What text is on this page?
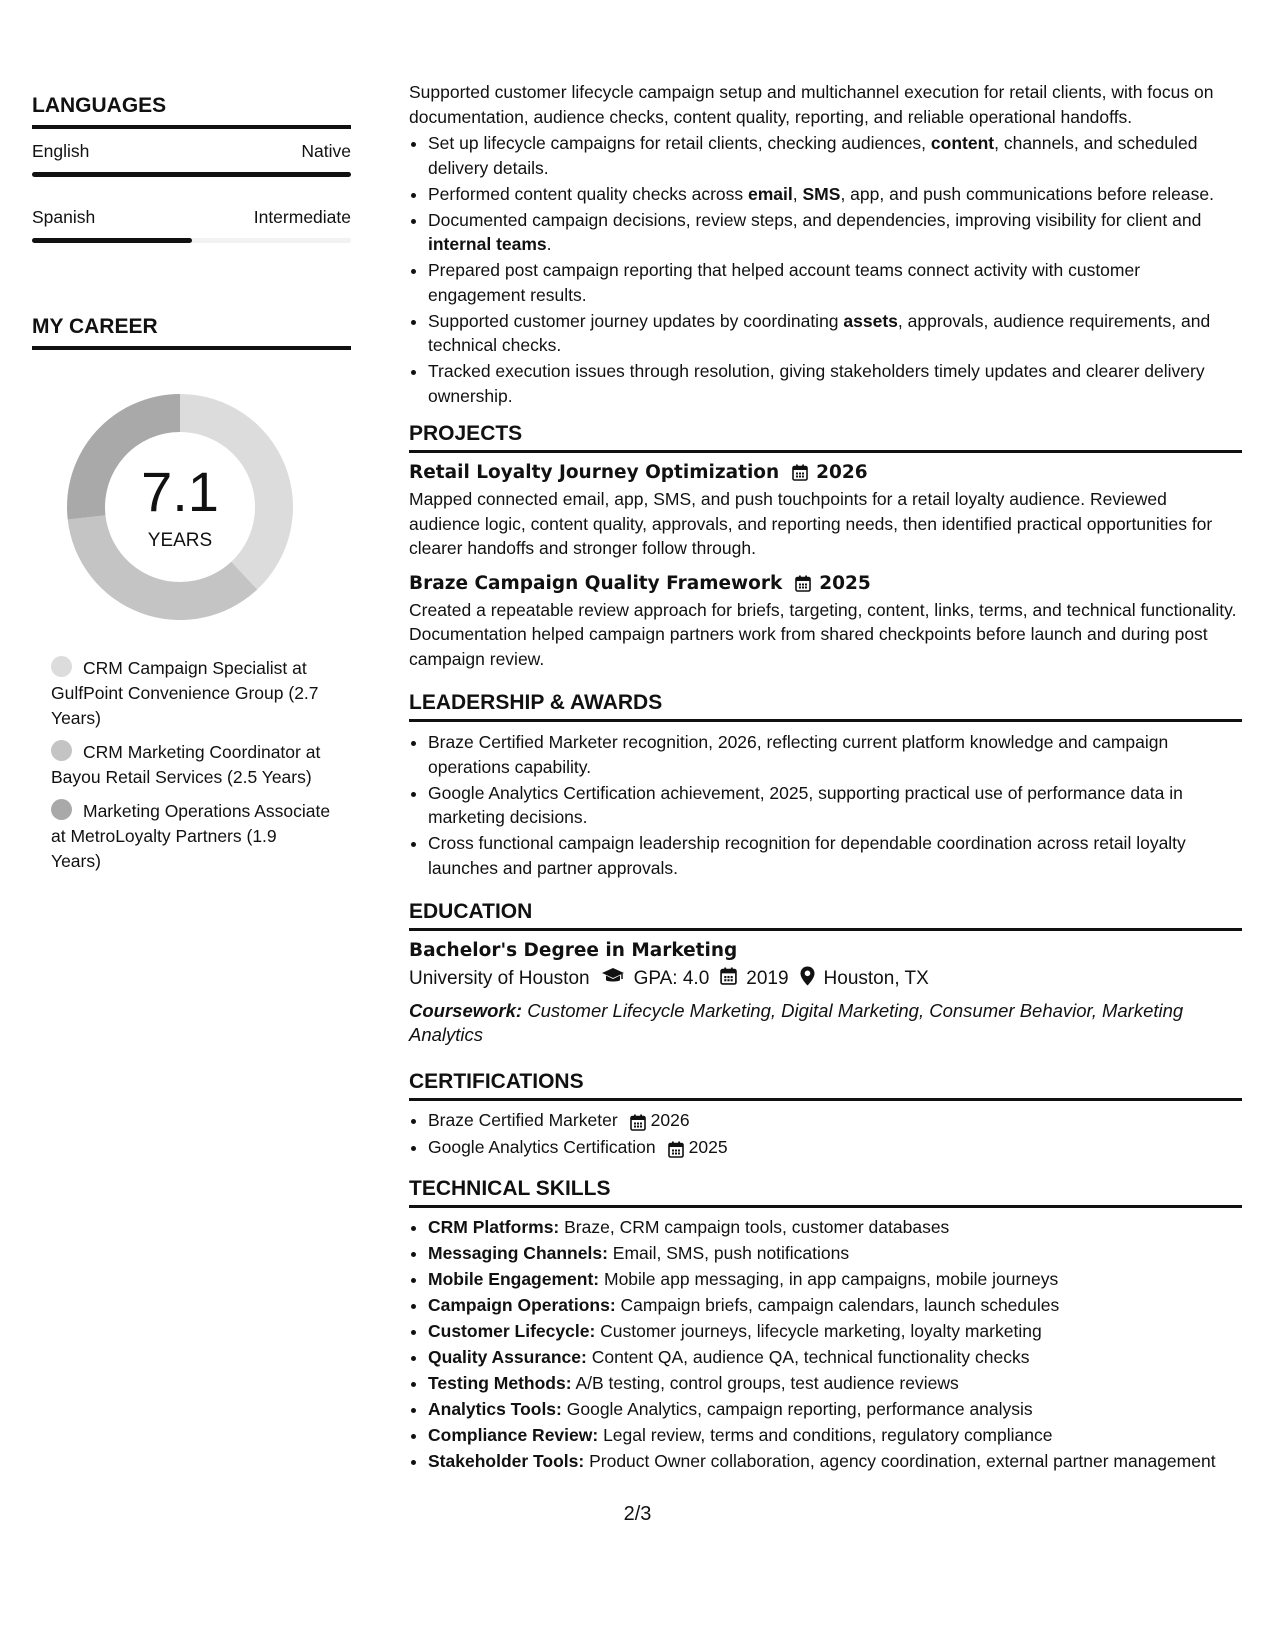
LANGUAGES
English	Native
Spanish	Intermediate
MY CAREER
7.1
YEARS
CRM Campaign Specialist at GulfPoint Convenience Group (2.7 Years)
CRM Marketing Coordinator at Bayou Retail Services (2.5 Years)
Marketing Operations Associate at MetroLoyalty Partners (1.9 Years)

Supported customer lifecycle campaign setup and multichannel execution for retail clients, with focus on documentation, audience checks, content quality, reporting, and reliable operational handoffs.

• Set up lifecycle campaigns for retail clients, checking audiences, content, channels, and scheduled delivery details.
• Performed content quality checks across email, SMS, app, and push communications before release.
• Documented campaign decisions, review steps, and dependencies, improving visibility for client and internal teams.
• Prepared post campaign reporting that helped account teams connect activity with customer engagement results.
• Supported customer journey updates by coordinating assets, approvals, audience requirements, and technical checks.
• Tracked execution issues through resolution, giving stakeholders timely updates and clearer delivery ownership.
PROJECTS
Retail Loyalty Journey Optimization 2026

Mapped connected email, app, SMS, and push touchpoints for a retail loyalty audience. Reviewed audience logic, content quality, approvals, and reporting needs, then identified practical opportunities for clearer handoffs and stronger follow through.

Braze Campaign Quality Framework 2025

Created a repeatable review approach for briefs, targeting, content, links, terms, and technical functionality. Documentation helped campaign partners work from shared checkpoints before launch and during post campaign review.

LEADERSHIP & AWARDS
• Braze Certified Marketer recognition, 2026, reflecting current platform knowledge and campaign operations capability.
• Google Analytics Certification achievement, 2025, supporting practical use of performance data in marketing decisions.
• Cross functional campaign leadership recognition for dependable coordination across retail loyalty launches and partner approvals.
EDUCATION
Bachelor's Degree in Marketing
University of Houston GPA: 4.0 2019 Houston, TX
Coursework: Customer Lifecycle Marketing, Digital Marketing, Consumer Behavior, Marketing Analytics
CERTIFICATIONS
• Braze Certified Marketer 2026
• Google Analytics Certification 2025
TECHNICAL SKILLS
• CRM Platforms: Braze, CRM campaign tools, customer databases
• Messaging Channels: Email, SMS, push notifications
• Mobile Engagement: Mobile app messaging, in app campaigns, mobile journeys
• Campaign Operations: Campaign briefs, campaign calendars, launch schedules
• Customer Lifecycle: Customer journeys, lifecycle marketing, loyalty marketing
• Quality Assurance: Content QA, audience QA, technical functionality checks
• Testing Methods: A/B testing, control groups, test audience reviews
• Analytics Tools: Google Analytics, campaign reporting, performance analysis
• Compliance Review: Legal review, terms and conditions, regulatory compliance
• Stakeholder Tools: Product Owner collaboration, agency coordination, external partner management
2/3
